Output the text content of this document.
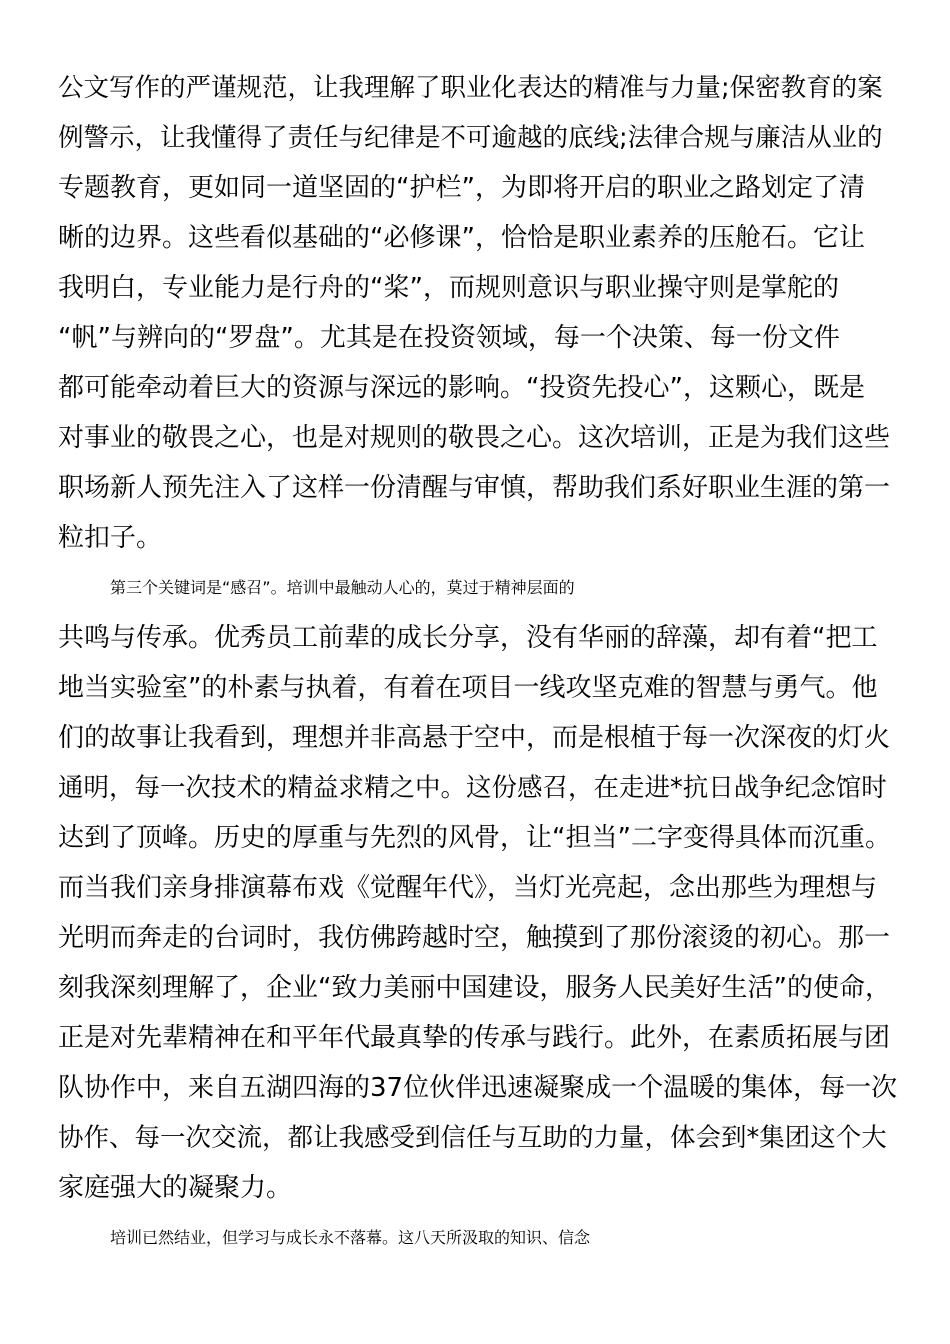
公文写作的严谨规范，让我理解了职业化表达的精准与力量;保密教育的案
例警示，让我懂得了责任与纪律是不可逾越的底线;法律合规与廉洁从业的
专题教育，更如同一道坚固的“护栏”，为即将开启的职业之路划定了清
晰的边界。这些看似基础的“必修课”，恰恰是职业素养的压舱石。它让
我明白，专业能力是行舟的“桨”，而规则意识与职业操守则是掌舵的
“帆”与辨向的“罗盘”。尤其是在投资领域，每一个决策、每一份文件
都可能牵动着巨大的资源与深远的影响。“投资先投心”，这颗心，既是
对事业的敬畏之心，也是对规则的敬畏之心。这次培训，正是为我们这些
职场新人预先注入了这样一份清醒与审慎，帮助我们系好职业生涯的第一
粒扣子。
第三个关键词是“感召”。培训中最触动人心的，莫过于精神层面的
共鸣与传承。优秀员工前辈的成长分享，没有华丽的辞藻，却有着“把工
地当实验室”的朴素与执着，有着在项目一线攻坚克难的智慧与勇气。他
们的故事让我看到，理想并非高悬于空中，而是根植于每一次深夜的灯火
通明，每一次技术的精益求精之中。这份感召，在走进*抗日战争纪念馆时
达到了顶峰。历史的厚重与先烈的风骨，让“担当”二字变得具体而沉重。
而当我们亲身排演幕布戏《觉醒年代》，当灯光亮起，念出那些为理想与
光明而奔走的台词时，我仿佛跨越时空，触摸到了那份滚烫的初心。那一
刻我深刻理解了，企业“致力美丽中国建设，服务人民美好生活”的使命，
正是对先辈精神在和平年代最真挚的传承与践行。此外，在素质拓展与团
队协作中，来自五湖四海的37位伙伴迅速凝聚成一个温暖的集体，每一次
协作、每一次交流，都让我感受到信任与互助的力量，体会到*集团这个大
家庭强大的凝聚力。
培训已然结业，但学习与成长永不落幕。这八天所汲取的知识、信念
